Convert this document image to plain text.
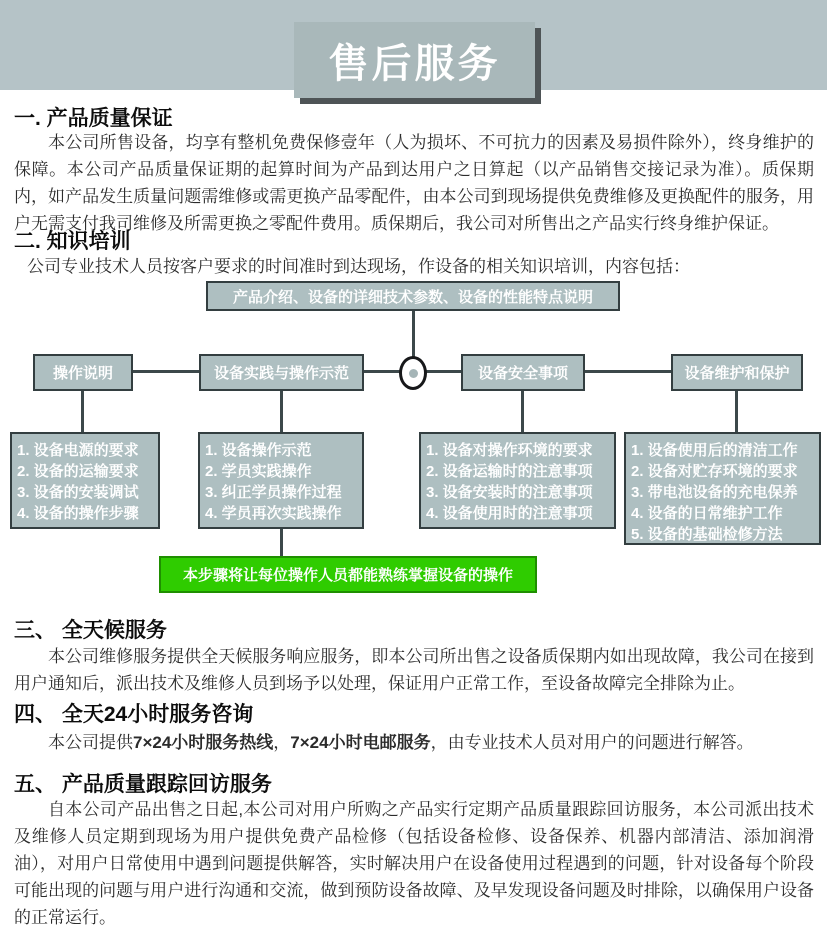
售后服务
一. 产品质量保证
本公司所售设备，均享有整机免费保修壹年（人为损坏、不可抗力的因素及易损件除外），终身维护的保障。本公司产品质量保证期的起算时间为产品到达用户之日算起（以产品销售交接记录为准）。质保期内，如产品发生质量问题需维修或需更换产品零配件，由本公司到现场提供免费维修及更换配件的服务，用户无需支付我司维修及所需更换之零配件费用。质保期后，我公司对所售出之产品实行终身维护保证。
二. 知识培训
公司专业技术人员按客户要求的时间准时到达现场，作设备的相关知识培训，内容包括：
产品介绍、设备的详细技术参数、设备的性能特点说明
操作说明	设备实践与操作示范	设备安全事项	设备维护和保护
1. 设备电源的要求
2. 设备的运输要求
3. 设备的安装调试
4. 设备的操作步骤
1. 设备操作示范
2. 学员实践操作
3. 纠正学员操作过程
4. 学员再次实践操作
1. 设备对操作环境的要求
2. 设备运输时的注意事项
3. 设备安装时的注意事项
4. 设备使用时的注意事项
1. 设备使用后的清洁工作
2. 设备对贮存环境的要求
3. 带电池设备的充电保养
4. 设备的日常维护工作
5. 设备的基础检修方法
本步骤将让每位操作人员都能熟练掌握设备的操作
三、 全天候服务
本公司维修服务提供全天候服务响应服务，即本公司所出售之设备质保期内如出现故障，我公司在接到用户通知后，派出技术及维修人员到场予以处理，保证用户正常工作，至设备故障完全排除为止。
四、 全天24小时服务咨询
本公司提供7×24小时服务热线，7×24小时电邮服务，由专业技术人员对用户的问题进行解答。
五、 产品质量跟踪回访服务
自本公司产品出售之日起,本公司对用户所购之产品实行定期产品质量跟踪回访服务，本公司派出技术及维修人员定期到现场为用户提供免费产品检修（包括设备检修、设备保养、机器内部清洁、添加润滑油），对用户日常使用中遇到问题提供解答，实时解决用户在设备使用过程遇到的问题，针对设备每个阶段可能出现的问题与用户进行沟通和交流，做到预防设备故障、及早发现设备问题及时排除，以确保用户设备的正常运行。
